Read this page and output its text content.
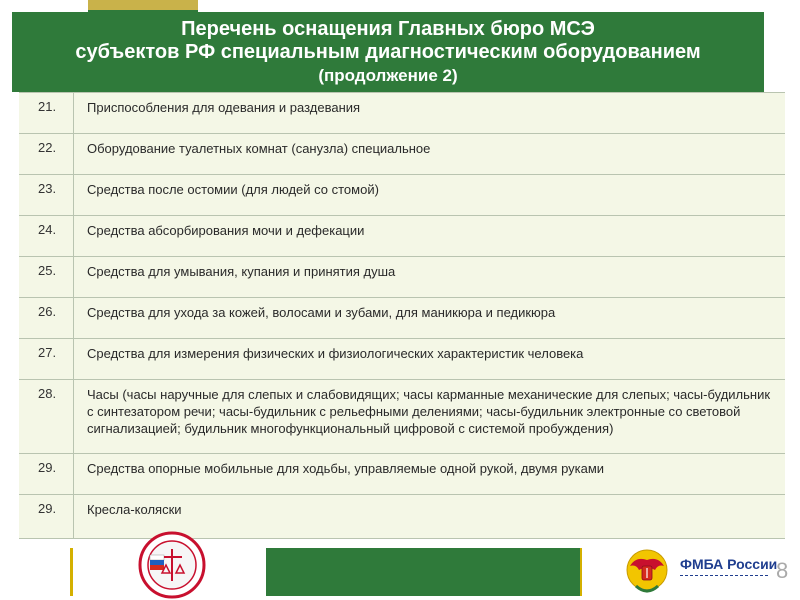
Перечень оснащения Главных бюро МСЭ
субъектов РФ специальным диагностическим оборудованием
(продолжение 2)
21. Приспособления для одевания и раздевания
22. Оборудование туалетных комнат (санузла) специальное
23. Средства после остомии (для людей со стомой)
24. Средства абсорбирования мочи и дефекации
25. Средства для умывания, купания и принятия душа
26. Средства для ухода за кожей, волосами и зубами, для маникюра и педикюра
27. Средства для измерения физических и физиологических характеристик человека
28. Часы (часы наручные для слепых и слабовидящих; часы карманные механические для слепых; часы-будильник с синтезатором речи; часы-будильник с рельефными делениями; часы-будильник электронные со световой сигнализацией; будильник многофункциональный цифровой с системой пробуждения)
29. Средства опорные мобильные для ходьбы, управляемые одной рукой, двумя руками
29. Кресла-коляски
ФМБА России
8
